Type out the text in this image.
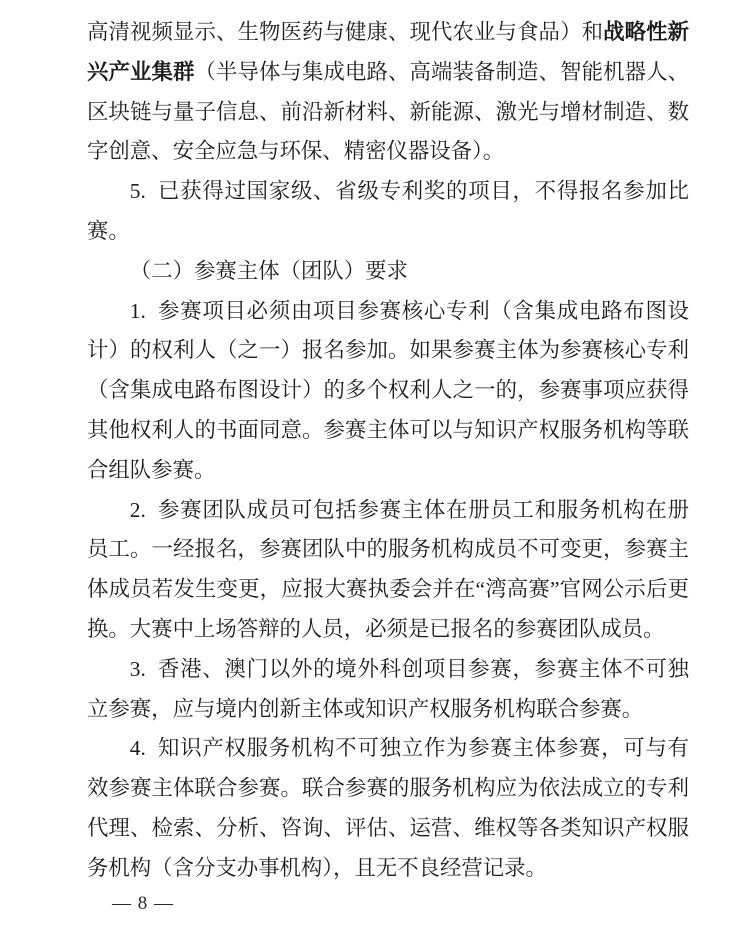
高清视频显示、生物医药与健康、现代农业与食品）和战略性新兴产业集群（半导体与集成电路、高端装备制造、智能机器人、区块链与量子信息、前沿新材料、新能源、激光与增材制造、数字创意、安全应急与环保、精密仪器设备）。

5.  已获得过国家级、省级专利奖的项目，不得报名参加比赛。

（二）参赛主体（团队）要求

1.  参赛项目必须由项目参赛核心专利（含集成电路布图设计）的权利人（之一）报名参加。如果参赛主体为参赛核心专利（含集成电路布图设计）的多个权利人之一的，参赛事项应获得其他权利人的书面同意。参赛主体可以与知识产权服务机构等联合组队参赛。

2.  参赛团队成员可包括参赛主体在册员工和服务机构在册员工。一经报名，参赛团队中的服务机构成员不可变更，参赛主体成员若发生变更，应报大赛执委会并在“湾高赛”官网公示后更换。大赛中上场答辩的人员，必须是已报名的参赛团队成员。

3.  香港、澳门以外的境外科创项目参赛，参赛主体不可独立参赛，应与境内创新主体或知识产权服务机构联合参赛。

4.  知识产权服务机构不可独立作为参赛主体参赛，可与有效参赛主体联合参赛。联合参赛的服务机构应为依法成立的专利代理、检索、分析、咨询、评估、运营、维权等各类知识产权服务机构（含分支办事机构），且无不良经营记录。

— 8 —
